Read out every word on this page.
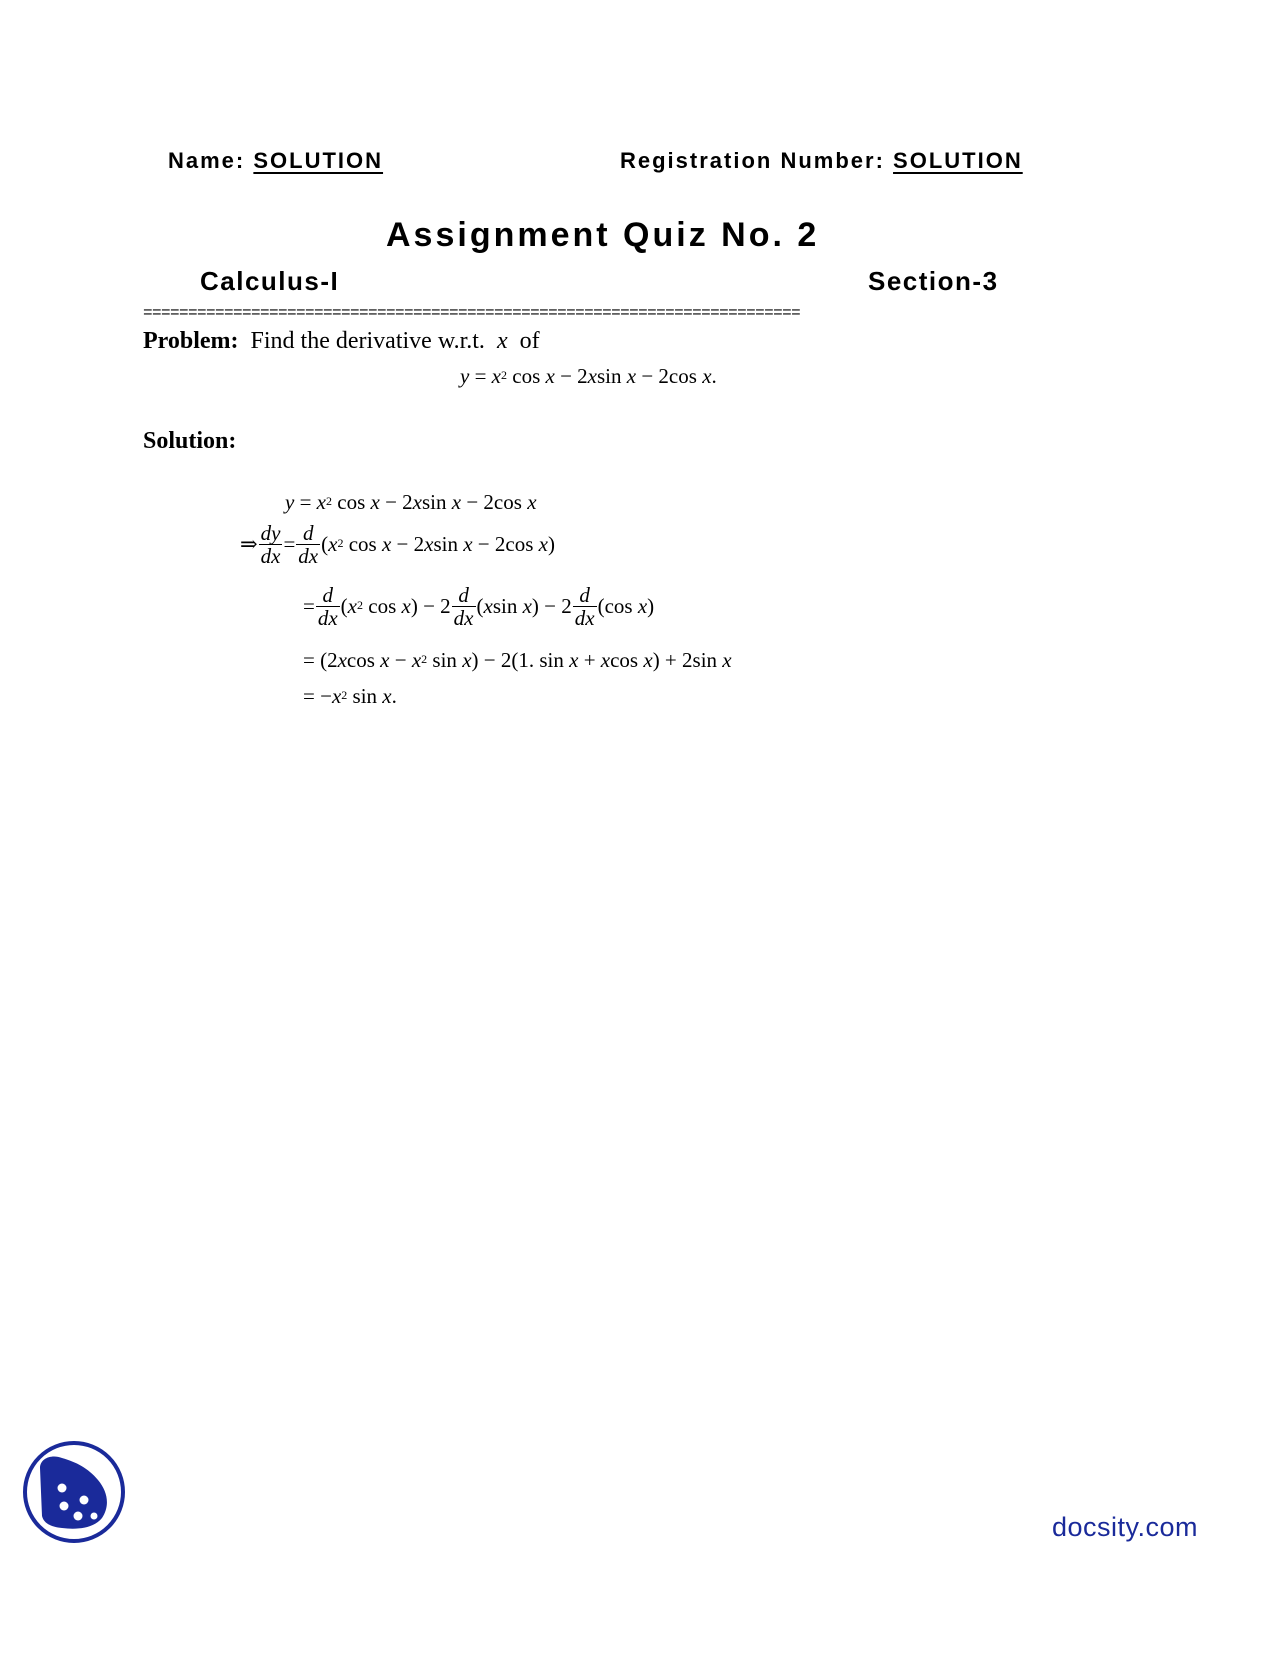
Name: SOLUTION	Registration Number: SOLUTION
Assignment Quiz No. 2
Calculus-I	Section-3
=========================================================================
Problem: Find the derivative w.r.t. x of
$y = x^2$ cos x − 2xsin x − 2cos x.
Solution:
$y = x^2$ cos x − 2xsin x − 2cos x
⇒ $\frac{dy}{dx} = \frac{d}{dx} (x^2$ cos x − 2xsin x − 2cos x)
= $\frac{d}{dx} (x^2$ $\cos x) - 2 \frac{d}{dx} (xsin$ $x) - 2 \frac{d}{dx} (\cos$ x)
= (2xcos $x - x^2$ sin x) − 2(1. sin x + xcos x) + 2sin x
= $-x^2$ sin x.
docsity.com
